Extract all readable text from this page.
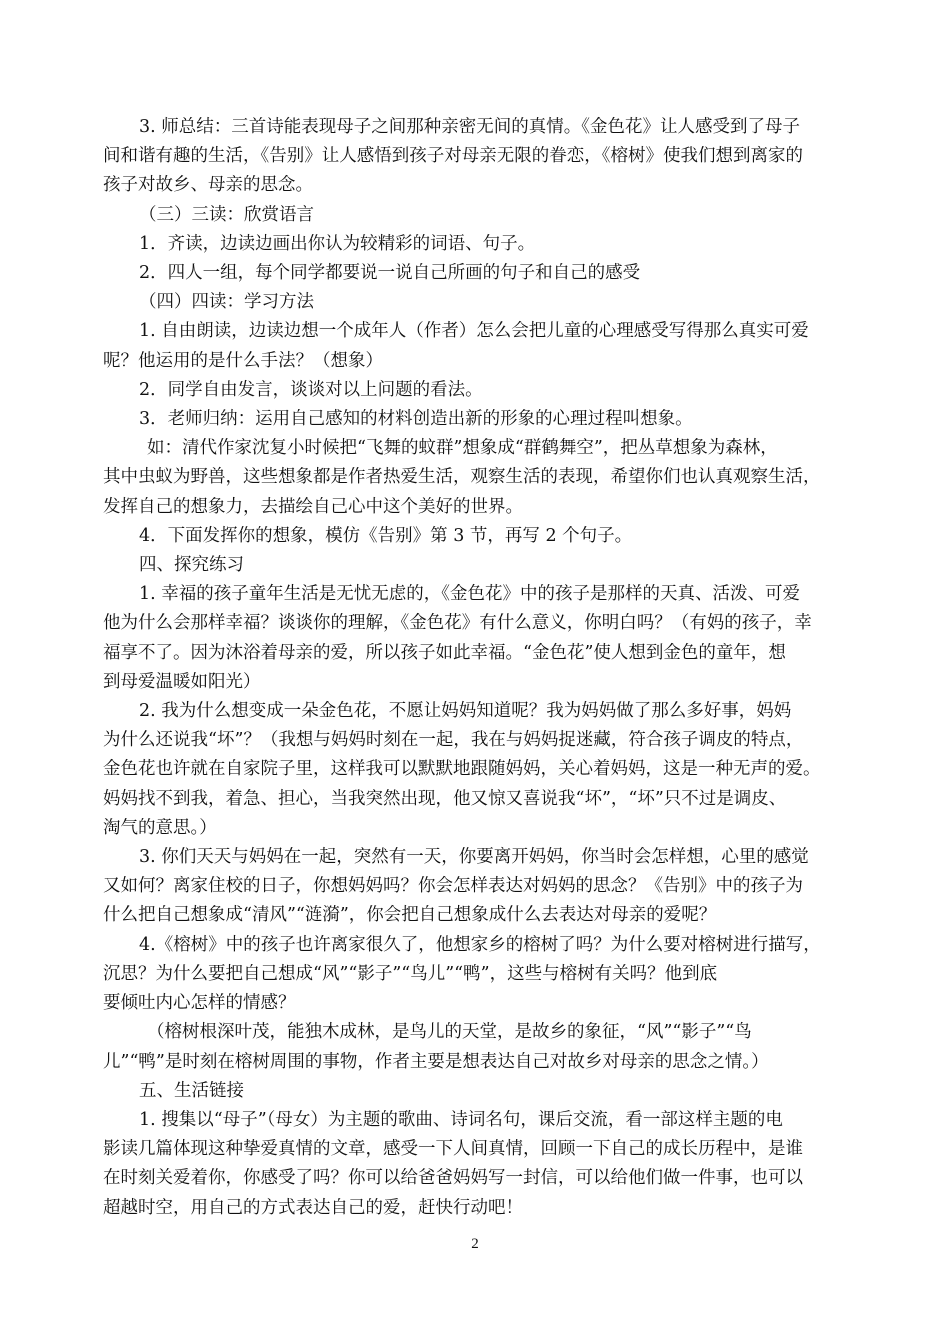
3. 师总结：三首诗能表现母子之间那种亲密无间的真情。《金色花》让人感受到了母子
间和谐有趣的生活，《告别》让人感悟到孩子对母亲无限的眷恋，《榕树》使我们想到离家的
孩子对故乡、母亲的思念。
（三）三读：欣赏语言
1．齐读，边读边画出你认为较精彩的词语、句子。
2．四人一组，每个同学都要说一说自己所画的句子和自己的感受
（四）四读：学习方法
1. 自由朗读，边读边想一个成年人（作者）怎么会把儿童的心理感受写得那么真实可爱
呢？他运用的是什么手法？（想象）
2．同学自由发言，谈谈对以上问题的看法。
3．老师归纳：运用自己感知的材料创造出新的形象的心理过程叫想象。
如：清代作家沈复小时候把“飞舞的蚊群”想象成“群鹤舞空”，把丛草想象为森林，
其中虫蚁为野兽，这些想象都是作者热爱生活，观察生活的表现，希望你们也认真观察生活，
发挥自己的想象力，去描绘自己心中这个美好的世界。
4．下面发挥你的想象，模仿《告别》第 3 节，再写 2 个句子。
四、探究练习
1. 幸福的孩子童年生活是无忧无虑的，《金色花》中的孩子是那样的天真、活泼、可爱
他为什么会那样幸福？谈谈你的理解，《金色花》有什么意义，你明白吗？（有妈的孩子，幸
福享不了。因为沐浴着母亲的爱，所以孩子如此幸福。“金色花”使人想到金色的童年，想
到母爱温暖如阳光）
2. 我为什么想变成一朵金色花，不愿让妈妈知道呢？我为妈妈做了那么多好事，妈妈
为什么还说我“坏”？（我想与妈妈时刻在一起，我在与妈妈捉迷藏，符合孩子调皮的特点，
金色花也许就在自家院子里，这样我可以默默地跟随妈妈，关心着妈妈，这是一种无声的爱。
妈妈找不到我，着急、担心，当我突然出现，他又惊又喜说我“坏”，“坏”只不过是调皮、
淘气的意思。）
3. 你们天天与妈妈在一起，突然有一天，你要离开妈妈，你当时会怎样想，心里的感觉
又如何？离家住校的日子，你想妈妈吗？你会怎样表达对妈妈的思念？《告别》中的孩子为
什么把自己想象成“清风”“涟漪”，你会把自己想象成什么去表达对母亲的爱呢？
4.《榕树》中的孩子也许离家很久了，他想家乡的榕树了吗？为什么要对榕树进行描写，
沉思？为什么要把自己想成“风”“影子”“鸟儿”“鸭”，这些与榕树有关吗？他到底
要倾吐内心怎样的情感？
（榕树根深叶茂，能独木成林，是鸟儿的天堂，是故乡的象征，“风”“影子”“鸟
儿”“鸭”是时刻在榕树周围的事物，作者主要是想表达自己对故乡对母亲的思念之情。）
五、生活链接
1. 搜集以“母子”（母女）为主题的歌曲、诗词名句，课后交流，看一部这样主题的电
影读几篇体现这种挚爱真情的文章，感受一下人间真情，回顾一下自己的成长历程中，是谁
在时刻关爱着你，你感受了吗？你可以给爸爸妈妈写一封信，可以给他们做一件事，也可以
超越时空，用自己的方式表达自己的爱，赶快行动吧！
2
